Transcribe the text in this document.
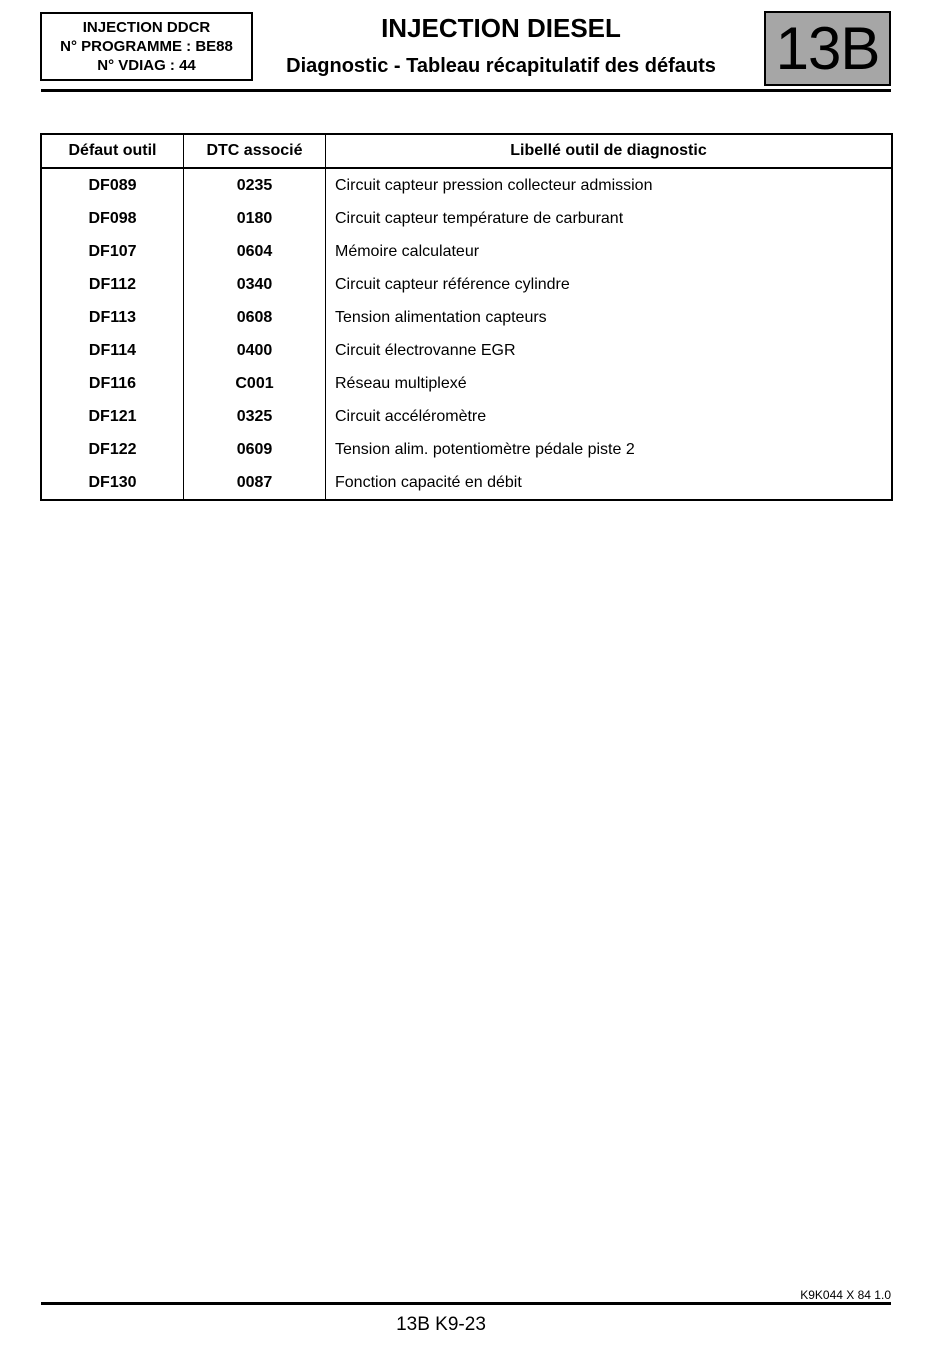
INJECTION DDCR
N° PROGRAMME : BE88
N° VDIAG : 44
INJECTION DIESEL
Diagnostic - Tableau récapitulatif des défauts 13B
Défaut outil	DTC associé	Libellé outil de diagnostic
DF089	0235	Circuit capteur pression collecteur admission
DF098	0180	Circuit capteur température de carburant
DF107	0604	Mémoire calculateur
DF112	0340	Circuit capteur référence cylindre
DF113	0608	Tension alimentation capteurs
DF114	0400	Circuit électrovanne EGR
DF116	C001	Réseau multiplexé
DF121	0325	Circuit accéléromètre
DF122	0609	Tension alim. potentiomètre pédale piste 2
DF130	0087	Fonction capacité en débit
K9K044 X 84 1.0
13B K9-23
